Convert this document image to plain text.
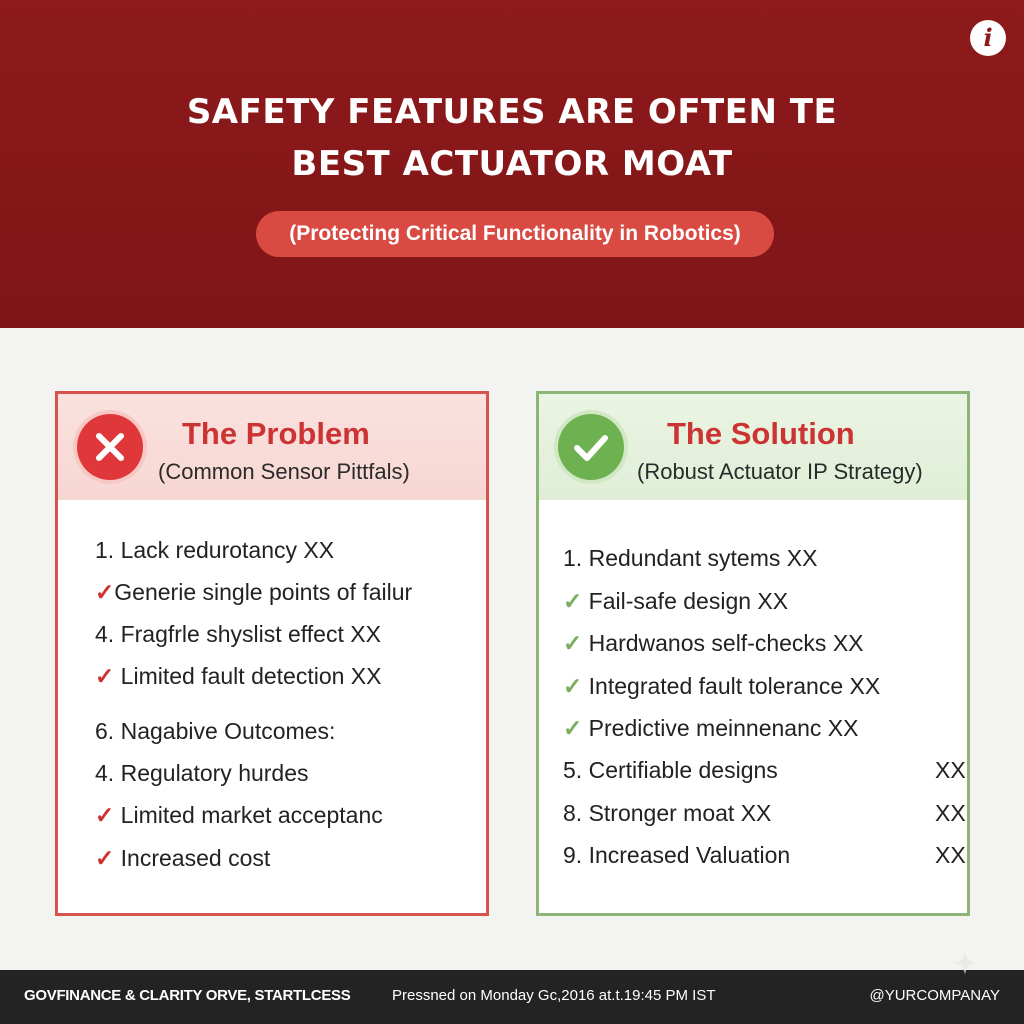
i
SAFETY FEATURES ARE OFTEN TE
BEST ACTUATOR MOAT
(Protecting Critical Functionality in Robotics)
The Problem
(Common Sensor Pittfals)
1. Lack redurotancy XX
✓Generie single points of failur
4. Fragfrle shyslist effect XX
✓ Limited fault detection XX
6. Nagabive Outcomes:
4. Regulatory hurdes
✓ Limited market acceptanc
✓ Increased cost
The Solution
(Robust Actuator IP Strategy)
1. Redundant sytems XX
✓ Fail-safe design XX
✓ Hardwanos self-checks XX
✓ Integrated fault tolerance XX
✓ Predictive meinnenanc XX
5. Certifiable designs	XX
8. Stronger moat XX	XX
9. Increased Valuation	XX
GOVFINANCE & CLARITY ORVE, STARTLCESS	Pressned on Monday Gc,2016 at.t.19:45 PM IST	@YURCOMPANAY
